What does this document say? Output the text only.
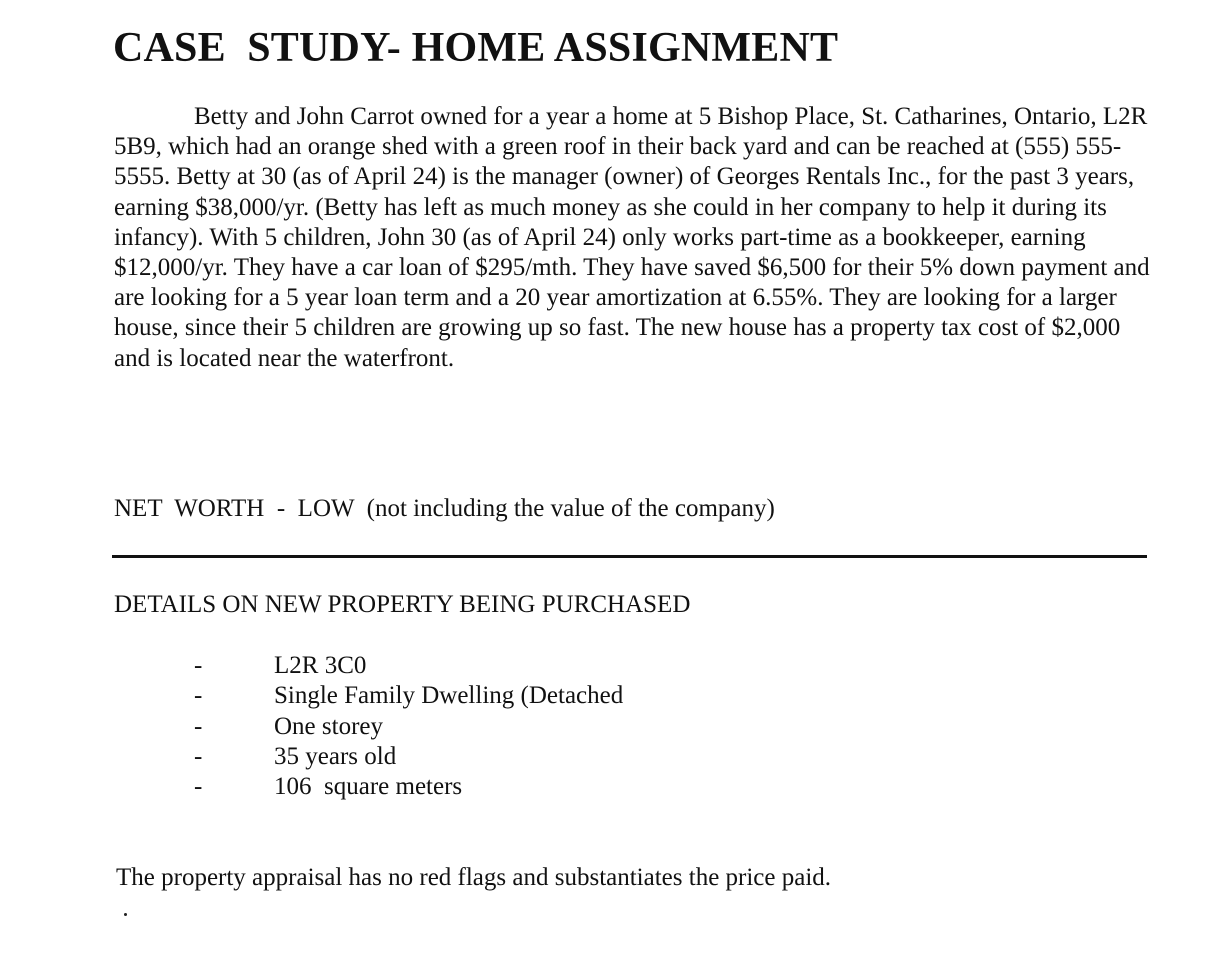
CASE  STUDY- HOME ASSIGNMENT

Betty and John Carrot owned for a year a home at 5 Bishop Place, St. Catharines, Ontario, L2R 5B9, which had an orange shed with a green roof in their back yard and can be reached at (555) 555-5555. Betty at 30 (as of April 24) is the manager (owner) of Georges Rentals Inc., for the past 3 years, earning $38,000/yr. (Betty has left as much money as she could in her company to help it during its infancy). With 5 children, John 30 (as of April 24) only works part-time as a bookkeeper, earning $12,000/yr. They have a car loan of $295/mth. They have saved $6,500 for their 5% down payment and are looking for a 5 year loan term and a 20 year amortization at 6.55%. They are looking for a larger house, since their 5 children are growing up so fast. The new house has a property tax cost of $2,000 and is located near the waterfront.

NET  WORTH  -  LOW  (not including the value of the company)

DETAILS ON NEW PROPERTY BEING PURCHASED

-	L2R 3C0
-	Single Family Dwelling (Detached
-	One storey
-	35 years old
-	106  square meters

The property appraisal has no red flags and substantiates the price paid.
